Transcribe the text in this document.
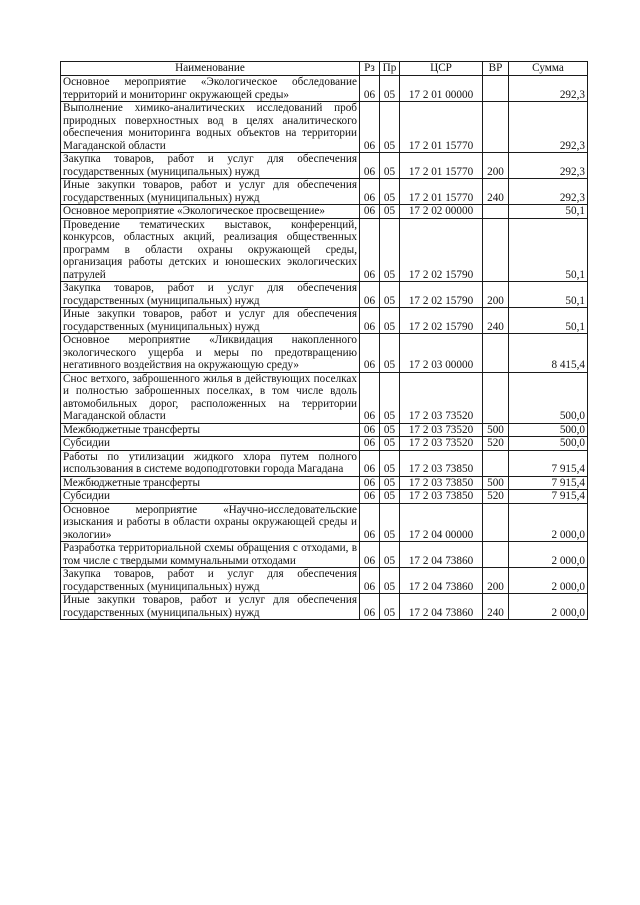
Наименование	Рз	Пр	ЦСР	ВР	Сумма
Основное мероприятие «Экологическое обследование территорий и мониторинг окружающей среды»	06	05	17 2 01 00000		292,3
Выполнение химико-аналитических исследований проб природных поверхностных вод в целях аналитического обеспечения мониторинга водных объектов на территории Магаданской области	06	05	17 2 01 15770		292,3
Закупка товаров, работ и услуг для обеспечения государственных (муниципальных) нужд	06	05	17 2 01 15770	200	292,3
Иные закупки товаров, работ и услуг для обеспечения государственных (муниципальных) нужд	06	05	17 2 01 15770	240	292,3
Основное мероприятие «Экологическое просвещение»	06	05	17 2 02 00000		50,1
Проведение тематических выставок, конференций, конкурсов, областных акций, реализация общественных программ в области охраны окружающей среды, организация работы детских и юношеских экологических патрулей	06	05	17 2 02 15790		50,1
Закупка товаров, работ и услуг для обеспечения государственных (муниципальных) нужд	06	05	17 2 02 15790	200	50,1
Иные закупки товаров, работ и услуг для обеспечения государственных (муниципальных) нужд	06	05	17 2 02 15790	240	50,1
Основное мероприятие «Ликвидация накопленного экологического ущерба и меры по предотвращению негативного воздействия на окружающую среду»	06	05	17 2 03 00000		8 415,4
Снос ветхого, заброшенного жилья в действующих поселках и полностью заброшенных поселках, в том числе вдоль автомобильных дорог, расположенных на территории Магаданской области	06	05	17 2 03 73520		500,0
Межбюджетные трансферты	06	05	17 2 03 73520	500	500,0
Субсидии	06	05	17 2 03 73520	520	500,0
Работы по утилизации жидкого хлора путем полного использования в системе водоподготовки города Магадана	06	05	17 2 03 73850		7 915,4
Межбюджетные трансферты	06	05	17 2 03 73850	500	7 915,4
Субсидии	06	05	17 2 03 73850	520	7 915,4
Основное мероприятие «Научно-исследовательские изыскания и работы в области охраны окружающей среды и экологии»	06	05	17 2 04 00000		2 000,0
Разработка территориальной схемы обращения с отходами, в том числе с твердыми коммунальными отходами	06	05	17 2 04 73860		2 000,0
Закупка товаров, работ и услуг для обеспечения государственных (муниципальных) нужд	06	05	17 2 04 73860	200	2 000,0
Иные закупки товаров, работ и услуг для обеспечения государственных (муниципальных) нужд	06	05	17 2 04 73860	240	2 000,0
